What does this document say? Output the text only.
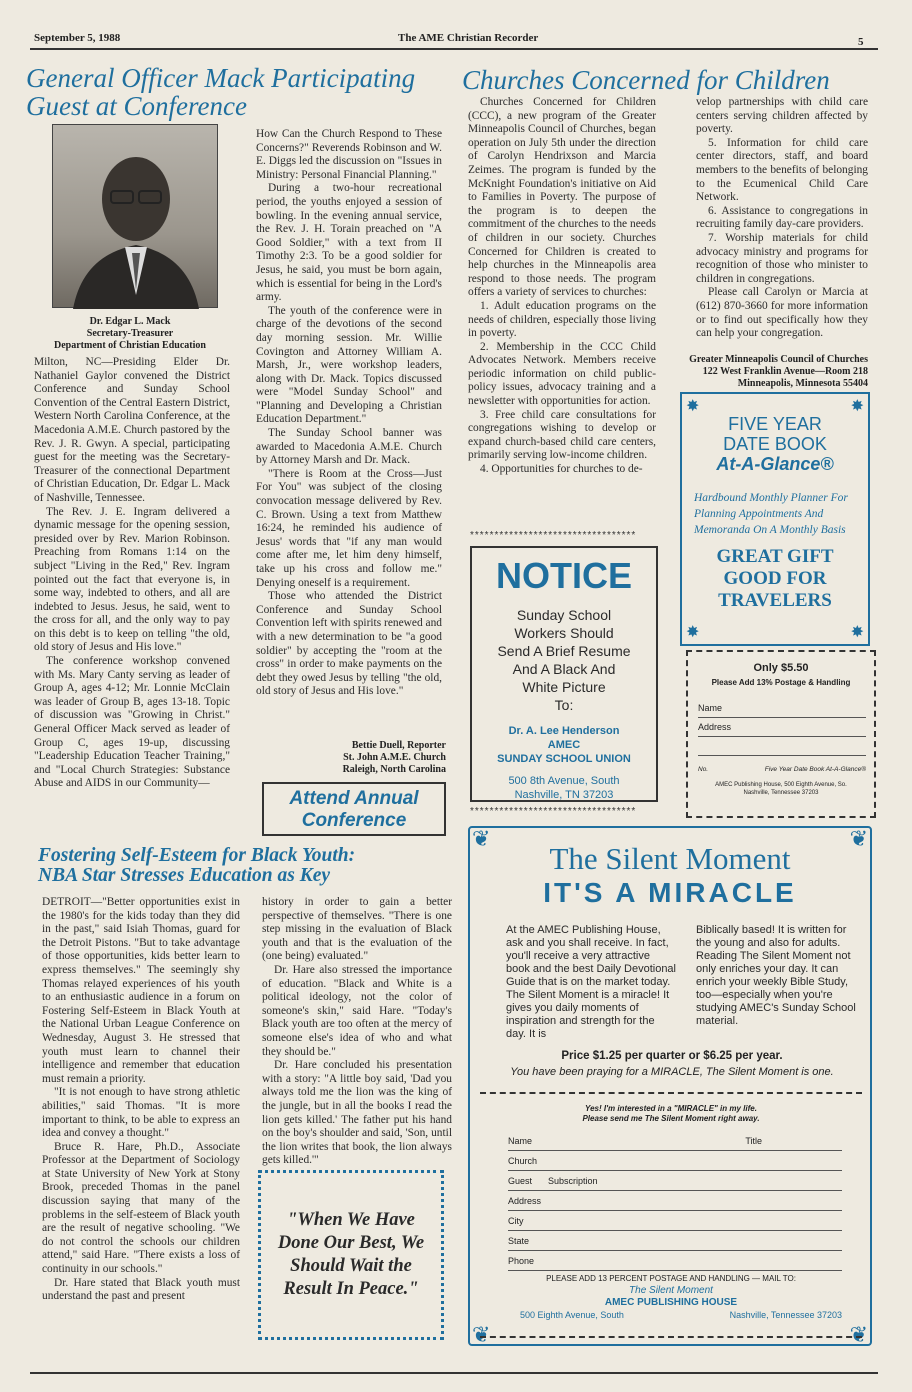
September 5, 1988	The AME Christian Recorder	5
General Officer Mack Participating
Guest at Conference
Dr. Edgar L. Mack
Secretary-Treasurer
Department of Christian Education

Milton, NC—Presiding Elder Dr. Nathaniel Gaylor convened the District Conference and Sunday School Convention of the Central Eastern District, Western North Carolina Conference, at the Macedonia A.M.E. Church pastored by the Rev. J. R. Gwyn. A special, participating guest for the meeting was the Secretary-Treasurer of the connectional Department of Christian Education, Dr. Edgar L. Mack of Nashville, Tennessee.

The Rev. J. E. Ingram delivered a dynamic message for the opening session, presided over by Rev. Marion Robinson. Preaching from Romans 1:14 on the subject "Living in the Red," Rev. Ingram pointed out the fact that everyone is, in some way, indebted to others, and all are indebted to Jesus. Jesus, he said, went to the cross for all, and the only way to pay on this debt is to keep on telling "the old, old story of Jesus and His love."

The conference workshop convened with Ms. Mary Canty serving as leader of Group A, ages 4-12; Mr. Lonnie McClain was leader of Group B, ages 13-18. Topic of discussion was "Growing in Christ." General Officer Mack served as leader of Group C, ages 19-up, discussing "Leadership Education Teacher Training," and "Local Church Strategies: Substance Abuse and AIDS in our Community—

How Can the Church Respond to These Concerns?" Reverends Robinson and W. E. Diggs led the discussion on "Issues in Ministry: Personal Financial Planning."

During a two-hour recreational period, the youths enjoyed a session of bowling. In the evening annual service, the Rev. J. H. Torain preached on "A Good Soldier," with a text from II Timothy 2:3. To be a good soldier for Jesus, he said, you must be born again, which is essential for being in the Lord's army.

The youth of the conference were in charge of the devotions of the second day morning session. Mr. Willie Covington and Attorney William A. Marsh, Jr., were workshop leaders, along with Dr. Mack. Topics discussed were "Model Sunday School" and "Planning and Developing a Christian Education Department."

The Sunday School banner was awarded to Macedonia A.M.E. Church by Attorney Marsh and Dr. Mack.

"There is Room at the Cross—Just For You" was subject of the closing convocation message delivered by Rev. C. Brown. Using a text from Matthew 16:24, he reminded his audience of Jesus' words that "if any man would come after me, let him deny himself, take up his cross and follow me." Denying oneself is a requirement.

Those who attended the District Conference and Sunday School Convention left with spirits renewed and with a new determination to be "a good soldier" by accepting the "room at the cross" in order to make payments on the debt they owed Jesus by telling "the old, old story of Jesus and His love."

Bettie Duell, Reporter
St. John A.M.E. Church
Raleigh, North Carolina
Attend Annual
Conference
Churches Concerned for Children

Churches Concerned for Children (CCC), a new program of the Greater Minneapolis Council of Churches, began operation on July 5th under the direction of Carolyn Hendrixson and Marcia Zeimes. The program is funded by the McKnight Foundation's initiative on Aid to Families in Poverty. The purpose of the program is to deepen the commitment of the churches to the needs of children in our society. Churches Concerned for Children is created to help churches in the Minneapolis area respond to those needs. The program offers a variety of services to churches:

1. Adult education programs on the needs of children, especially those living in poverty.

2. Membership in the CCC Child Advocates Network. Members receive periodic information on child public-policy issues, advocacy training and a newsletter with opportunities for action.

3. Free child care consultations for congregations wishing to develop or expand church-based child care centers, primarily serving low-income children.

4. Opportunities for churches to de-

velop partnerships with child care centers serving children affected by poverty.

5. Information for child care center directors, staff, and board members to the benefits of belonging to the Ecumenical Child Care Network.

6. Assistance to congregations in recruiting family day-care providers.

7. Worship materials for child advocacy ministry and programs for recognition of those who minister to children in congregations.

Please call Carolyn or Marcia at (612) 870-3660 for more information or to find out specifically how they can help your congregation.

Greater Minneapolis Council of Churches
122 West Franklin Avenue—Room 218
Minneapolis, Minnesota 55404
**********************************
NOTICE
Sunday School
Workers Should
Send A Brief Resume
And A Black And
White Picture
To:
Dr. A. Lee Henderson
AMEC
SUNDAY SCHOOL UNION
500 8th Avenue, South
Nashville, TN 37203
**********************************
✸	✸
FIVE YEAR
DATE BOOK
At-A-Glance®
Hardbound Monthly Planner For Planning Appointments And Memoranda On A Monthly Basis
GREAT GIFT
GOOD FOR
TRAVELERS
✸	✸
Only $5.50
Please Add 13% Postage & Handling
Name
Address
No.	Five Year Date Book At-A-Glance®
AMEC Publishing House, 500 Eighth Avenue, So.
Nashville, Tennessee 37203
Fostering Self-Esteem for Black Youth:
NBA Star Stresses Education as Key

DETROIT—"Better opportunities exist in the 1980's for the kids today than they did in the past," said Isiah Thomas, guard for the Detroit Pistons. "But to take advantage of those opportunities, kids better learn to express themselves." The seemingly shy Thomas relayed experiences of his youth to an enthusiastic audience in a forum on Fostering Self-Esteem in Black Youth at the National Urban League Conference on Wednesday, August 3. He stressed that youth must learn to channel their intelligence and remember that education must remain a priority.

"It is not enough to have strong athletic abilities," said Thomas. "It is more important to think, to be able to express an idea and convey a thought."

Bruce R. Hare, Ph.D., Associate Professor at the Department of Sociology at State University of New York at Stony Brook, preceded Thomas in the panel discussion saying that many of the problems in the self-esteem of Black youth are the result of negative schooling. "We do not control the schools our children attend," said Hare. "There exists a loss of continuity in our schools."

Dr. Hare stated that Black youth must understand the past and present

history in order to gain a better perspective of themselves. "There is one step missing in the evaluation of Black youth and that is the evaluation of the (one being) evaluated."

Dr. Hare also stressed the importance of education. "Black and White is a political ideology, not the color of someone's skin," said Hare. "Today's Black youth are too often at the mercy of someone else's idea of who and what they should be."

Dr. Hare concluded his presentation with a story: "A little boy said, 'Dad you always told me the lion was the king of the jungle, but in all the books I read the lion gets killed.' The father put his hand on the boy's shoulder and said, 'Son, until the lion writes that book, the lion always gets killed.'"

"When We Have Done Our Best, We Should Wait the Result In Peace."
❦	❦
❦	❦
The Silent Moment
IT'S A MIRACLE
At the AMEC Publishing House, ask and you shall receive. In fact, you'll receive a very attractive book and the best Daily Devotional Guide that is on the market today. The Silent Moment is a miracle! It gives you daily moments of inspiration and strength for the day. It is
Biblically based! It is written for the young and also for adults. Reading The Silent Moment not only enriches your day. It can enrich your weekly Bible Study, too—especially when you're studying AMEC's Sunday School material.
Price $1.25 per quarter or $6.25 per year.
You have been praying for a MIRACLE, The Silent Moment is one.
Yes! I'm interested in a "MIRACLE" in my life.
Please send me The Silent Moment right away.
Name	Title
Church
Guest Subscription
Address
City
State
Phone
PLEASE ADD 13 PERCENT POSTAGE AND HANDLING — MAIL TO:
The Silent Moment
AMEC PUBLISHING HOUSE
500 Eighth Avenue, South	Nashville, Tennessee 37203
